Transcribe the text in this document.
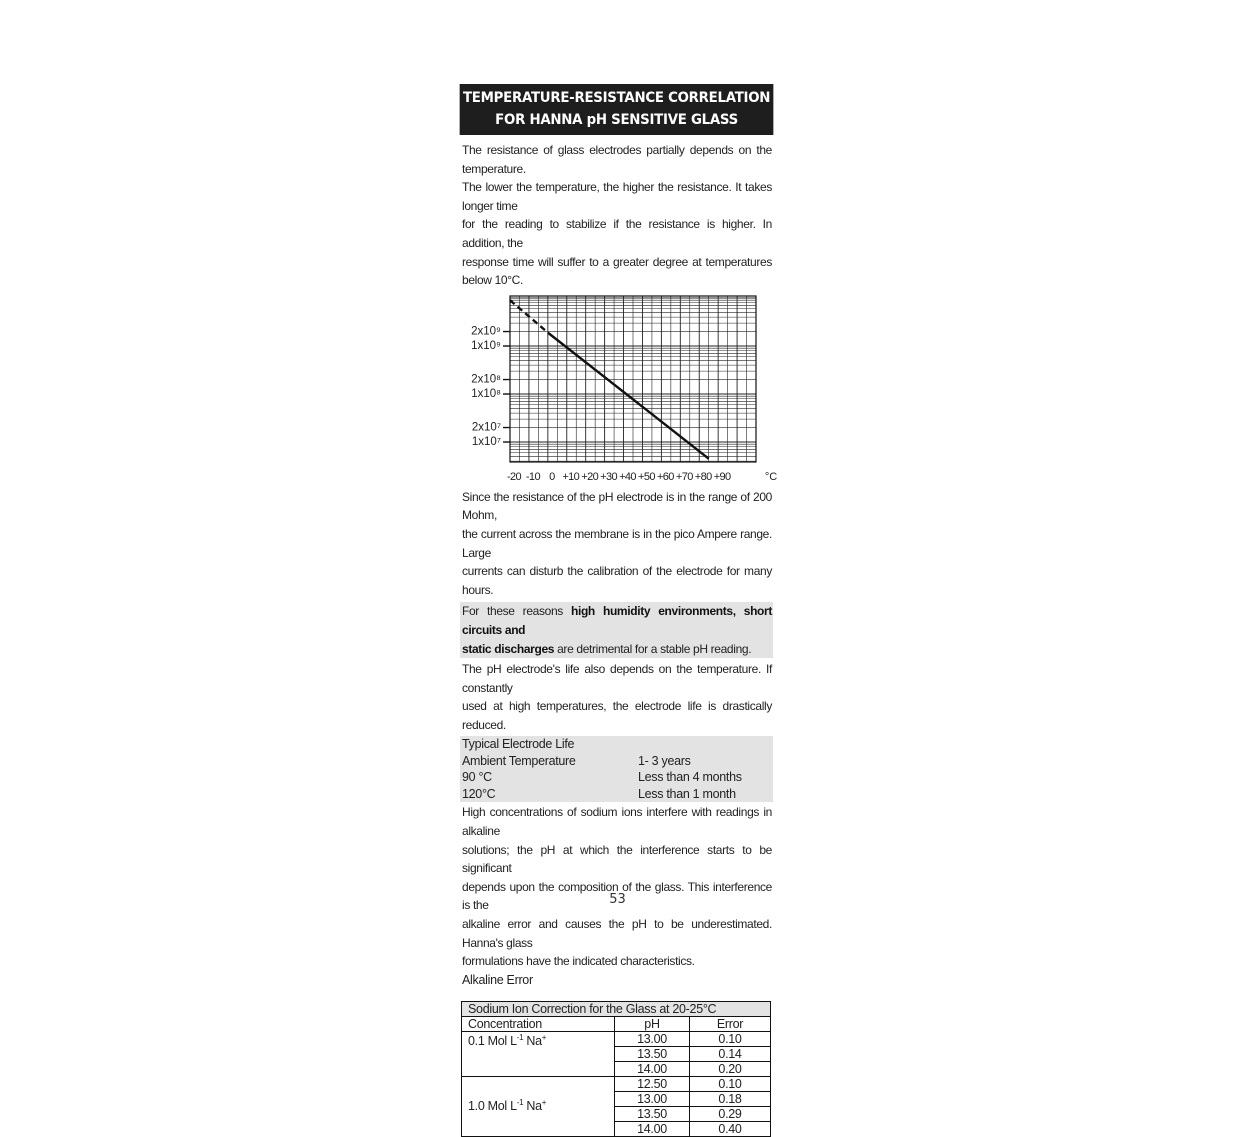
TEMPERATURE-RESISTANCE CORRELATION
FOR HANNA pH SENSITIVE GLASS

The resistance of glass electrodes partially depends on the temperature.
The lower the temperature, the higher the resistance. It takes longer time
for the reading to stabilize if the resistance is higher. In addition, the
response time will suffer to a greater degree at temperatures below 10°C.

2x10⁹
1x10⁹
2x10⁸
1x10⁸
2x10⁷
1x10⁷
-20 -10 0 +10 +20 +30 +40 +50 +60 +70 +80 +90	°C

Since the resistance of the pH electrode is in the range of 200 Mohm,
the current across the membrane is in the pico Ampere range. Large
currents can disturb the calibration of the electrode for many hours.

For these reasons high humidity environments, short circuits and
static discharges are detrimental for a stable pH reading.

The pH electrode's life also depends on the temperature. If constantly
used at high temperatures, the electrode life is drastically reduced.

Typical Electrode Life	
Ambient Temperature	1- 3 years
90 °C	Less than 4 months
120°C	Less than 1 month

High concentrations of sodium ions interfere with readings in alkaline
solutions; the pH at which the interference starts to be significant
depends upon the composition of the glass. This interference is the
alkaline error and causes the pH to be underestimated. Hanna's glass
formulations have the indicated characteristics.

Alkaline Error
Sodium Ion Correction for the Glass at 20-25°C		
Concentration	pH	Error
0.1 Mol $L^{-1}$ Na+	13.00	0.10
	13.50	0.14
	14.00	0.20
1.0 Mol $L^{-1}$ Na+	12.50	0.10
	13.00	0.18
	13.50	0.29
	14.00	0.40
53
